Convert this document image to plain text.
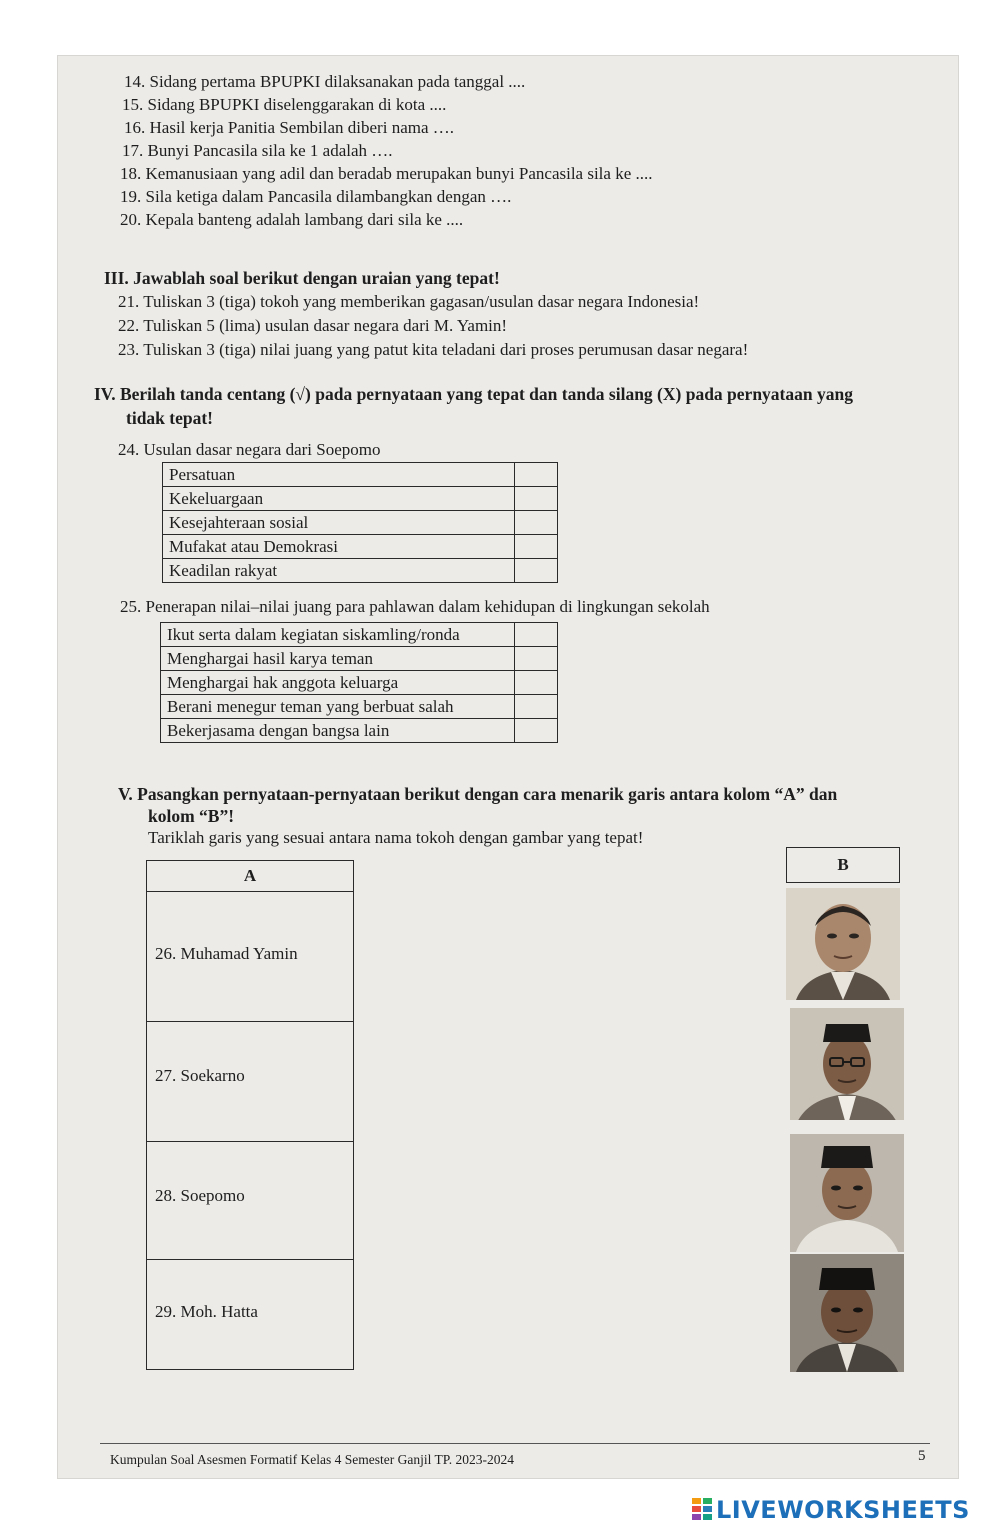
14. Sidang pertama BPUPKI dilaksanakan pada tanggal ....
15. Sidang BPUPKI diselenggarakan di kota ....
16. Hasil kerja Panitia Sembilan diberi nama ….
17. Bunyi Pancasila sila ke 1 adalah ….
18. Kemanusiaan yang adil dan beradab merupakan bunyi Pancasila sila ke ....
19. Sila ketiga dalam Pancasila dilambangkan dengan ….
20. Kepala banteng adalah lambang dari sila ke ....
III. Jawablah soal berikut dengan uraian yang tepat!
21. Tuliskan 3 (tiga) tokoh yang memberikan gagasan/usulan dasar negara Indonesia!
22. Tuliskan 5 (lima) usulan dasar negara dari M. Yamin!
23. Tuliskan 3 (tiga) nilai juang yang patut kita teladani dari proses perumusan dasar negara!
IV. Berilah tanda centang (√) pada pernyataan yang tepat dan tanda silang (X) pada pernyataan yang
tidak tepat!
24. Usulan dasar negara dari Soepomo
Persatuan	
Kekeluargaan	
Kesejahteraan sosial	
Mufakat atau Demokrasi	
Keadilan rakyat	
25. Penerapan nilai–nilai juang para pahlawan dalam kehidupan di lingkungan sekolah
Ikut serta dalam kegiatan siskamling/ronda	
Menghargai hasil karya teman	
Menghargai hak anggota keluarga	
Berani menegur teman yang berbuat salah	
Bekerjasama dengan bangsa lain	
V. Pasangkan pernyataan-pernyataan berikut dengan cara menarik garis antara kolom “A” dan
kolom “B”!
Tariklah garis yang sesuai antara nama tokoh dengan gambar yang tepat!
A
26. Muhamad Yamin
27. Soekarno
28. Soepomo
29. Moh. Hatta
B
Kumpulan Soal Asesmen Formatif Kelas 4 Semester Ganjil TP. 2023-2024	5
LIVEWORKSHEETS
